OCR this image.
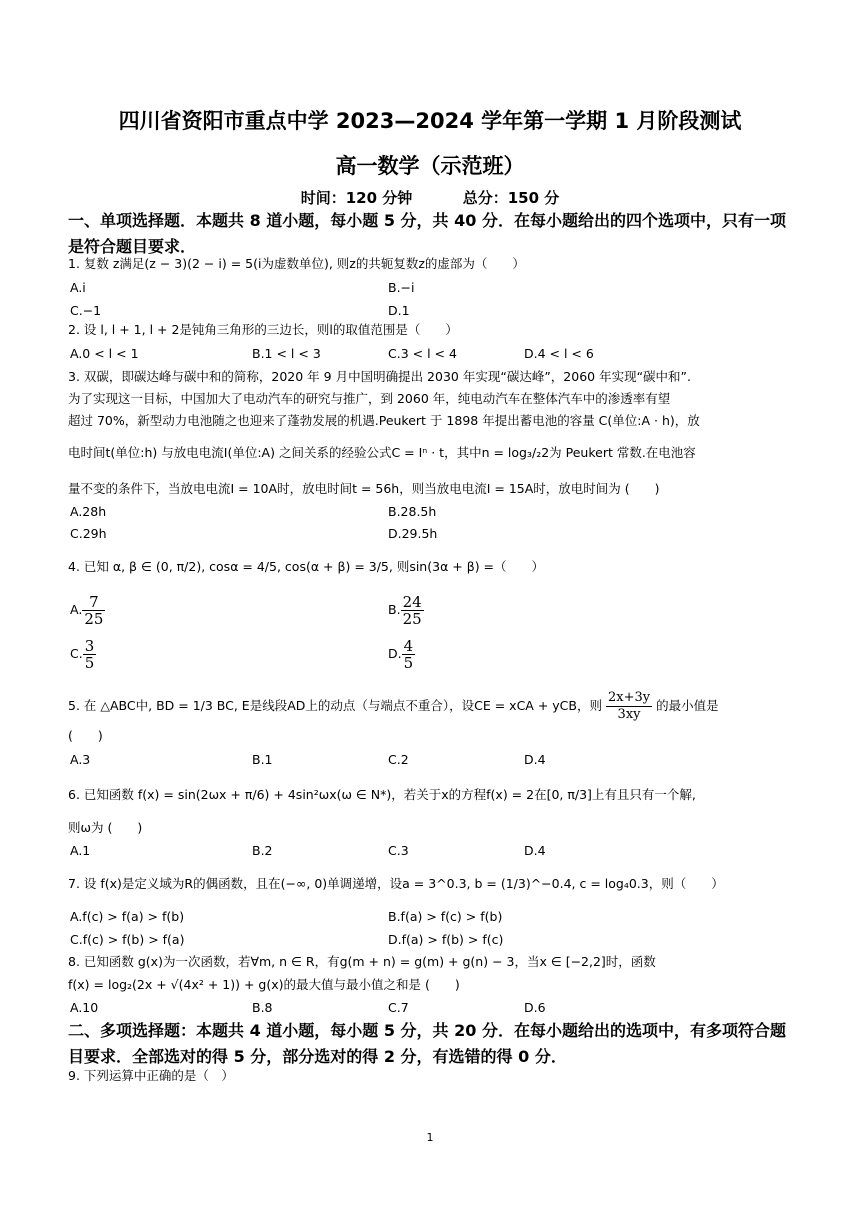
四川省资阳市重点中学 2023—2024 学年第一学期 1 月阶段测试
高一数学（示范班）
时间：120 分钟	总分：150 分
一、单项选择题．本题共 8 道小题，每小题 5 分，共 40 分．在每小题给出的四个选项中，只有一项是符合题目要求．
1. 复数 z满足(z − 3)(2 − i) = 5(i为虚数单位), 则z的共轭复数z的虚部为（　　）
A.i	B.−i
C.−1	D.1
2. 设 l, l + 1, l + 2是钝角三角形的三边长，则l的取值范围是（　　）
A.0 < l < 1	B.1 < l < 3	C.3 < l < 4	D.4 < l < 6
3. 双碳，即碳达峰与碳中和的简称，2020 年 9 月中国明确提出 2030 年实现“碳达峰”，2060 年实现“碳中和”.
为了实现这一目标，中国加大了电动汽车的研究与推广，到 2060 年，纯电动汽车在整体汽车中的渗透率有望
超过 70%，新型动力电池随之也迎来了蓬勃发展的机遇.Peukert 于 1898 年提出蓄电池的容量 C(单位:A · h)，放
电时间t(单位:h) 与放电电流I(单位:A) 之间关系的经验公式C = Iⁿ · t，其中n = log₃/₂2为 Peukert 常数.在电池容
量不变的条件下，当放电电流I = 10A时，放电时间t = 56h，则当放电电流I = 15A时，放电时间为 (　　)
A.28h	B.28.5h
C.29h	D.29.5h
4. 已知 α, β ∈ (0, π/2), cosα = 4/5, cos(α + β) = 3/5, 则sin(3α + β) =（　　）
A. $\frac{7}{25}$	B. $\frac{24}{25}$
C. $\frac{3}{5}$	D. $\frac{4}{5}$
5. 在 △ABC中, BD = 1/3 BC, E是线段AD上的动点（与端点不重合），设CE = xCA + yCB，则 $\frac{2x+3y}{3xy}$ 的最小值是
(　　)
A.3	B.1	C.2	D.4
6. 已知函数 f(x) = sin(2ωx + π/6) + 4sin²ωx(ω ∈ N*)，若关于x的方程f(x) = 2在[0, π/3]上有且只有一个解,
则ω为 (　　)
A.1	B.2	C.3	D.4
7. 设 f(x)是定义域为R的偶函数，且在(−∞, 0)单调递增，设a = 3^0.3, b = (1/3)^−0.4, c = log₄0.3，则（　　）
A.f(c) > f(a) > f(b)	B.f(a) > f(c) > f(b)
C.f(c) > f(b) > f(a)	D.f(a) > f(b) > f(c)
8. 已知函数 g(x)为一次函数，若∀m, n ∈ R，有g(m + n) = g(m) + g(n) − 3，当x ∈ [−2,2]时，函数
f(x) = log₂(2x + √(4x² + 1)) + g(x)的最大值与最小值之和是 (　　)
A.10	B.8	C.7	D.6
二、多项选择题：本题共 4 道小题，每小题 5 分，共 20 分．在每小题给出的选项中，有多项符合题目要求．全部选对的得 5 分，部分选对的得 2 分，有选错的得 0 分．
9. 下列运算中正确的是（　）
1
